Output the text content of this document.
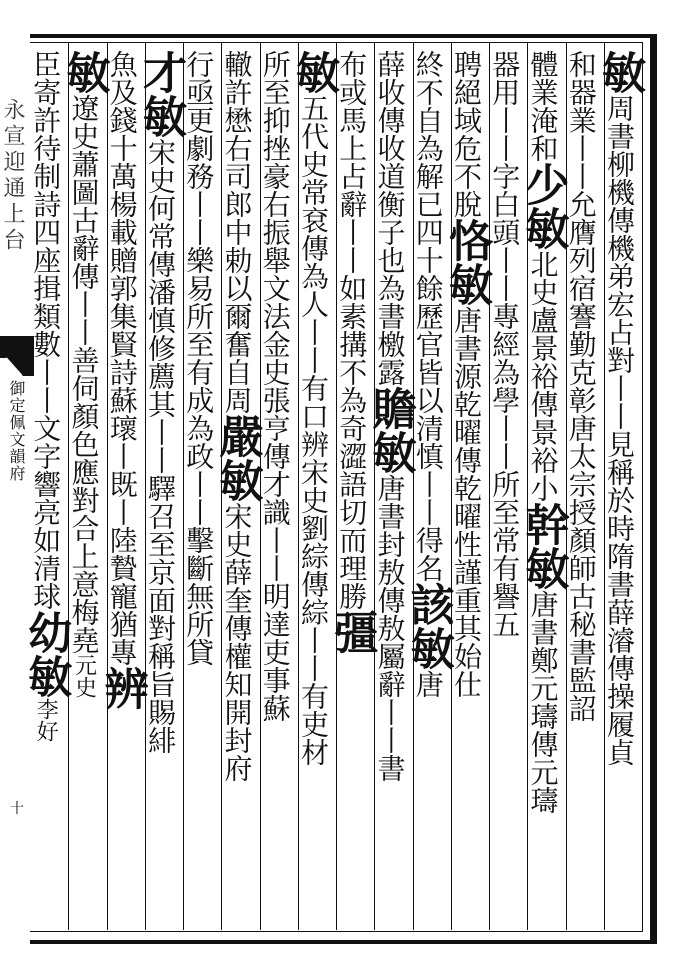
永宣迎通上台
御定佩文韻府
十
敏周書柳機傳機弟宏占對丨丨見稱於時隋書薛濬傳操履貞
和器業丨丨允膺列宿謇勤克彰唐太宗授顏師古秘書監詔
體業淹和少敏北史盧景裕傳景裕小幹敏唐書鄭元璹傳元璹
器用丨丨字白頭丨丨專經為學丨丨所至常有譽五
聘絕域危不脫恪敏唐書源乾曜傳乾曜性謹重其始仕
終不自為解已四十餘歷官皆以清慎丨丨得名該敏唐
薛收傳收道衡子也為書檄露贍敏唐書封敖傳敖屬辭丨丨書
布或馬上占辭丨丨如素搆不為奇澀語切而理勝彊
敏五代史常袞傳為人丨丨有口辨宋史劉綜傳綜丨丨有吏材
所至抑挫豪右振舉文法金史張亨傳才識丨丨明達吏事蘇
轍許懋右司郎中勅以爾奮自周嚴敏宋史薛奎傳權知開封府
行亟更劇務丨丨樂易所至有成為政丨丨擊斷無所貸
才敏宋史何常傳潘慎修薦其丨丨驛召至京面對稱旨賜緋
魚及錢十萬楊載贈郭集賢詩蘇瓌丨既丨陸贄寵猶專辨
敏遼史蕭圖古辭傳丨丨善伺顏色應對合上意梅堯元史
臣寄許待制詩四座揖類數丨丨文字響亮如清球幼敏李好
